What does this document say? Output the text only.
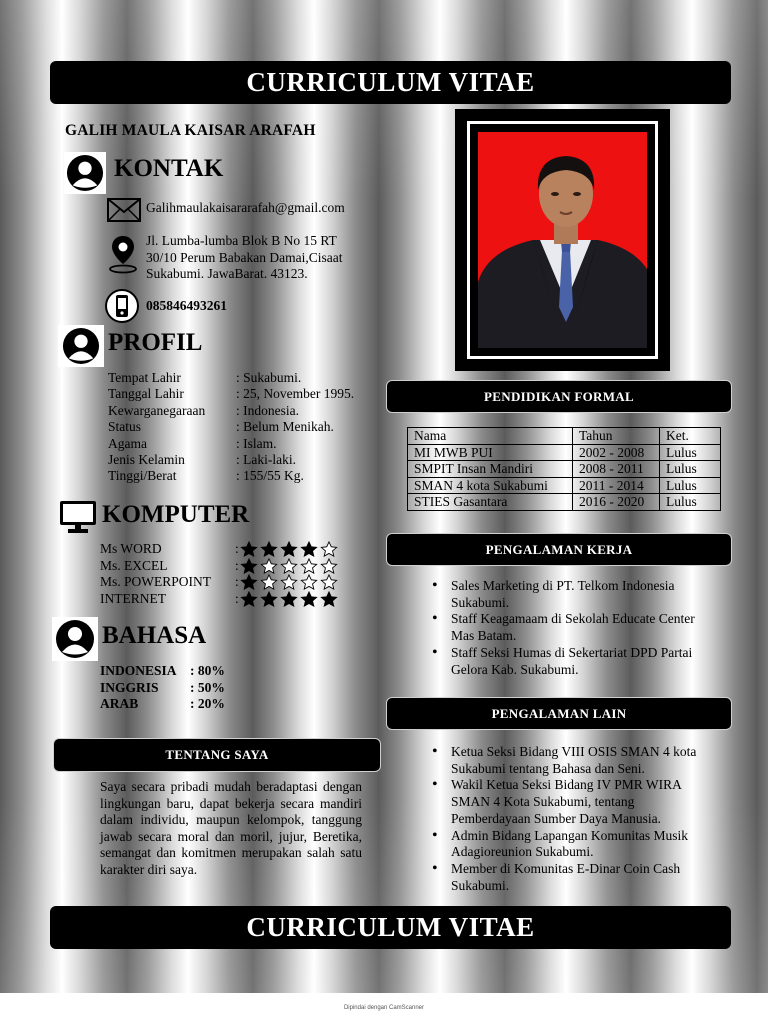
CURRICULUM VITAE
GALIH MAULA KAISAR ARAFAH
KONTAK
Galihmaulakaisararafah@gmail.com
Jl. Lumba-lumba Blok B No 15 RT
30/10 Perum Babakan Damai,Cisaat
Sukabumi. JawaBarat. 43123.
085846493261
PROFIL
Tempat Lahir	: Sukabumi.
Tanggal Lahir	: 25, November 1995.
Kewarganegaraan	: Indonesia.
Status	: Belum Menikah.
Agama	: Islam.
Jenis Kelamin	: Laki-laki.
Tinggi/Berat	: 155/55 Kg.
KOMPUTER
Ms WORD	:
Ms. EXCEL	:
Ms. POWERPOINT	:
INTERNET	:
BAHASA
INDONESIA : 80%
INGGRIS	: 50%
ARAB	: 20%
TENTANG SAYA
Saya secara pribadi mudah beradaptasi dengan lingkungan baru, dapat bekerja secara mandiri dalam individu, maupun kelompok, tanggung jawab secara moral dan moril, jujur, Beretika, semangat dan komitmen merupakan salah satu karakter diri saya.
PENDIDIKAN FORMAL
Nama	Tahun	Ket.
MI MWB PUI	2002 - 2008	Lulus
SMPIT Insan Mandiri	2008 - 2011	Lulus
SMAN 4 kota Sukabumi	2011 - 2014	Lulus
STIES Gasantara	2016 - 2020	Lulus
PENGALAMAN KERJA
• Sales Marketing di PT. Telkom Indonesia Sukabumi.
• Staff Keagamaam di Sekolah Educate Center Mas Batam.
• Staff Seksi Humas di Sekertariat DPD Partai Gelora Kab. Sukabumi.
PENGALAMAN LAIN
• Ketua Seksi Bidang VIII OSIS SMAN 4 kota Sukabumi tentang Bahasa dan Seni.
• Wakil Ketua Seksi Bidang IV PMR WIRA SMAN 4 Kota Sukabumi, tentang Pemberdayaan Sumber Daya Manusia.
• Admin Bidang Lapangan Komunitas Musik Adagioreunion Sukabumi.
• Member di Komunitas E-Dinar Coin Cash Sukabumi.
CURRICULUM VITAE
Dipindai dengan CamScanner
